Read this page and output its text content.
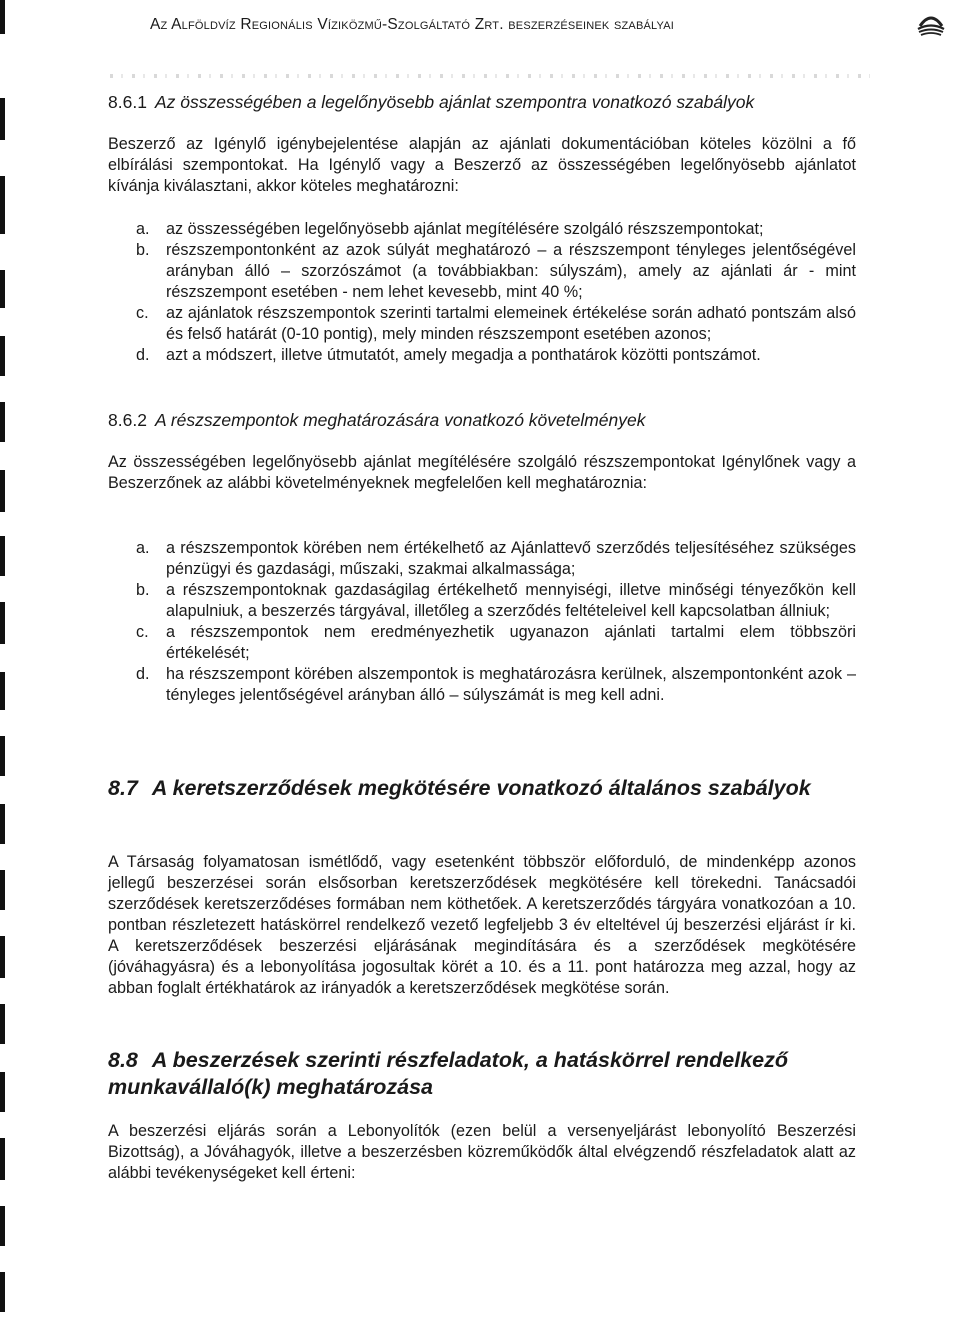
Az Alföldvíz Regionális Víziközmű-Szolgáltató Zrt. beszerzéseinek szabályai
8.6.1 Az összességében a legelőnyösebb ajánlat szempontra vonatkozó szabályok
Beszerző az Igénylő igénybejelentése alapján az ajánlati dokumentációban köteles közölni a fő elbírálási szempontokat. Ha Igénylő vagy a Beszerző az összességében legelőnyösebb ajánlatot kívánja kiválasztani, akkor köteles meghatározni:
a. az összességében legelőnyösebb ajánlat megítélésére szolgáló részszempontokat;
b. részszempontonként az azok súlyát meghatározó – a részszempont tényleges jelentőségével arányban álló – szorzószámot (a továbbiakban: súlyszám), amely az ajánlati ár - mint részszempont esetében - nem lehet kevesebb, mint 40 %;
c. az ajánlatok részszempontok szerinti tartalmi elemeinek értékelése során adható pontszám alsó és felső határát (0-10 pontig), mely minden részszempont esetében azonos;
d. azt a módszert, illetve útmutatót, amely megadja a ponthatárok közötti pontszámot.
8.6.2 A részszempontok meghatározására vonatkozó követelmények
Az összességében legelőnyösebb ajánlat megítélésére szolgáló részszempontokat Igénylőnek vagy a Beszerzőnek az alábbi követelményeknek megfelelően kell meghatároznia:
a. a részszempontok körében nem értékelhető az Ajánlattevő szerződés teljesítéséhez szükséges pénzügyi és gazdasági, műszaki, szakmai alkalmassága;
b. a részszempontoknak gazdaságilag értékelhető mennyiségi, illetve minőségi tényezőkön kell alapulniuk, a beszerzés tárgyával, illetőleg a szerződés feltételeivel kell kapcsolatban állniuk;
c. a részszempontok nem eredményezhetik ugyanazon ajánlati tartalmi elem többszöri értékelését;
d. ha részszempont körében alszempontok is meghatározásra kerülnek, alszempontonként azok – tényleges jelentőségével arányban álló – súlyszámát is meg kell adni.
8.7 A keretszerződések megkötésére vonatkozó általános szabályok
A Társaság folyamatosan ismétlődő, vagy esetenként többször előforduló, de mindenképp azonos jellegű beszerzései során elsősorban keretszerződések megkötésére kell törekedni. Tanácsadói szerződések keretszerződéses formában nem köthetőek. A keretszerződés tárgyára vonatkozóan a 10. pontban részletezett hatáskörrel rendelkező vezető legfeljebb 3 év elteltével új beszerzési eljárást ír ki. A keretszerződések beszerzési eljárásának megindítására és a szerződések megkötésére (jóváhagyásra) és a lebonyolítása jogosultak körét a 10. és a 11. pont határozza meg azzal, hogy az abban foglalt értékhatárok az irányadók a keretszerződések megkötése során.
8.8 A beszerzések szerinti részfeladatok, a hatáskörrel rendelkező munkavállaló(k) meghatározása
A beszerzési eljárás során a Lebonyolítók (ezen belül a versenyeljárást lebonyolító Beszerzési Bizottság), a Jóváhagyók, illetve a beszerzésben közreműködők által elvégzendő részfeladatok alatt az alábbi tevékenységeket kell érteni:
